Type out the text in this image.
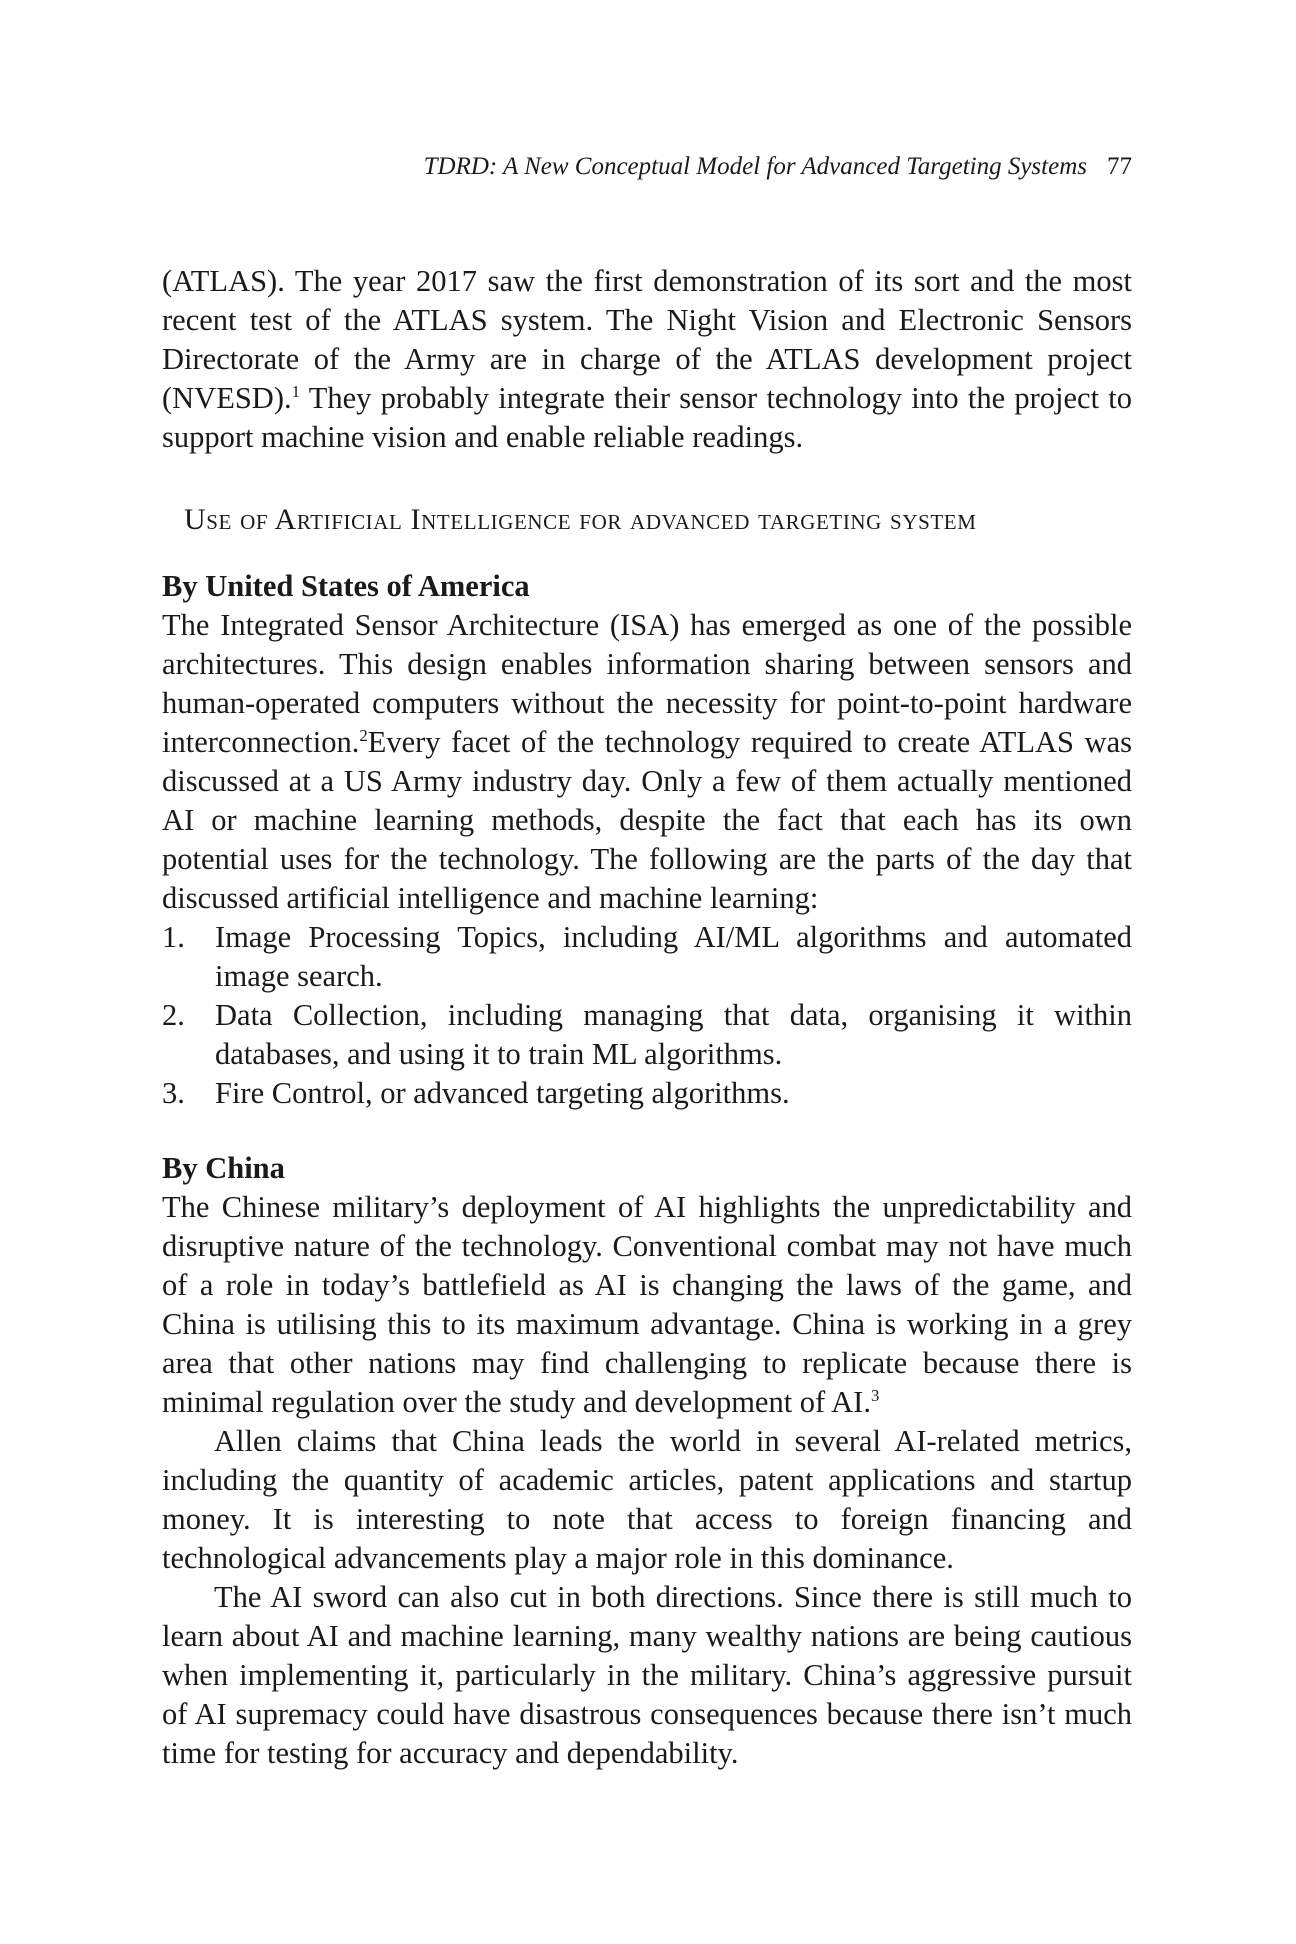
TDRD: A New Conceptual Model for Advanced Targeting Systems 77

(ATLAS). The year 2017 saw the first demonstration of its sort and the most recent test of the ATLAS system. The Night Vision and Electronic Sensors Directorate of the Army are in charge of the ATLAS development project (NVESD).$^1$ They probably integrate their sensor technology into the project to support machine vision and enable reliable readings.

Use of Artificial Intelligence for advanced targeting system
By United States of America

The Integrated Sensor Architecture (ISA) has emerged as one of the possible architectures. This design enables information sharing between sensors and human-operated computers without the necessity for point-to-point hardware interconnection.$^2$Every facet of the technology required to create ATLAS was discussed at a US Army industry day. Only a few of them actually mentioned AI or machine learning methods, despite the fact that each has its own potential uses for the technology. The following are the parts of the day that discussed artificial intelligence and machine learning:

1. Image Processing Topics, including AI/ML algorithms and automated image search.
2. Data Collection, including managing that data, organising it within databases, and using it to train ML algorithms.
3. Fire Control, or advanced targeting algorithms.
By China

The Chinese military’s deployment of AI highlights the unpredictability and disruptive nature of the technology. Conventional combat may not have much of a role in today’s battlefield as AI is changing the laws of the game, and China is utilising this to its maximum advantage. China is working in a grey area that other nations may find challenging to replicate because there is minimal regulation over the study and development of AI.$^3$

Allen claims that China leads the world in several AI-related metrics, including the quantity of academic articles, patent applications and startup money. It is interesting to note that access to foreign financing and technological advancements play a major role in this dominance.

The AI sword can also cut in both directions. Since there is still much to learn about AI and machine learning, many wealthy nations are being cautious when implementing it, particularly in the military. China’s aggressive pursuit of AI supremacy could have disastrous consequences because there isn’t much time for testing for accuracy and dependability.
